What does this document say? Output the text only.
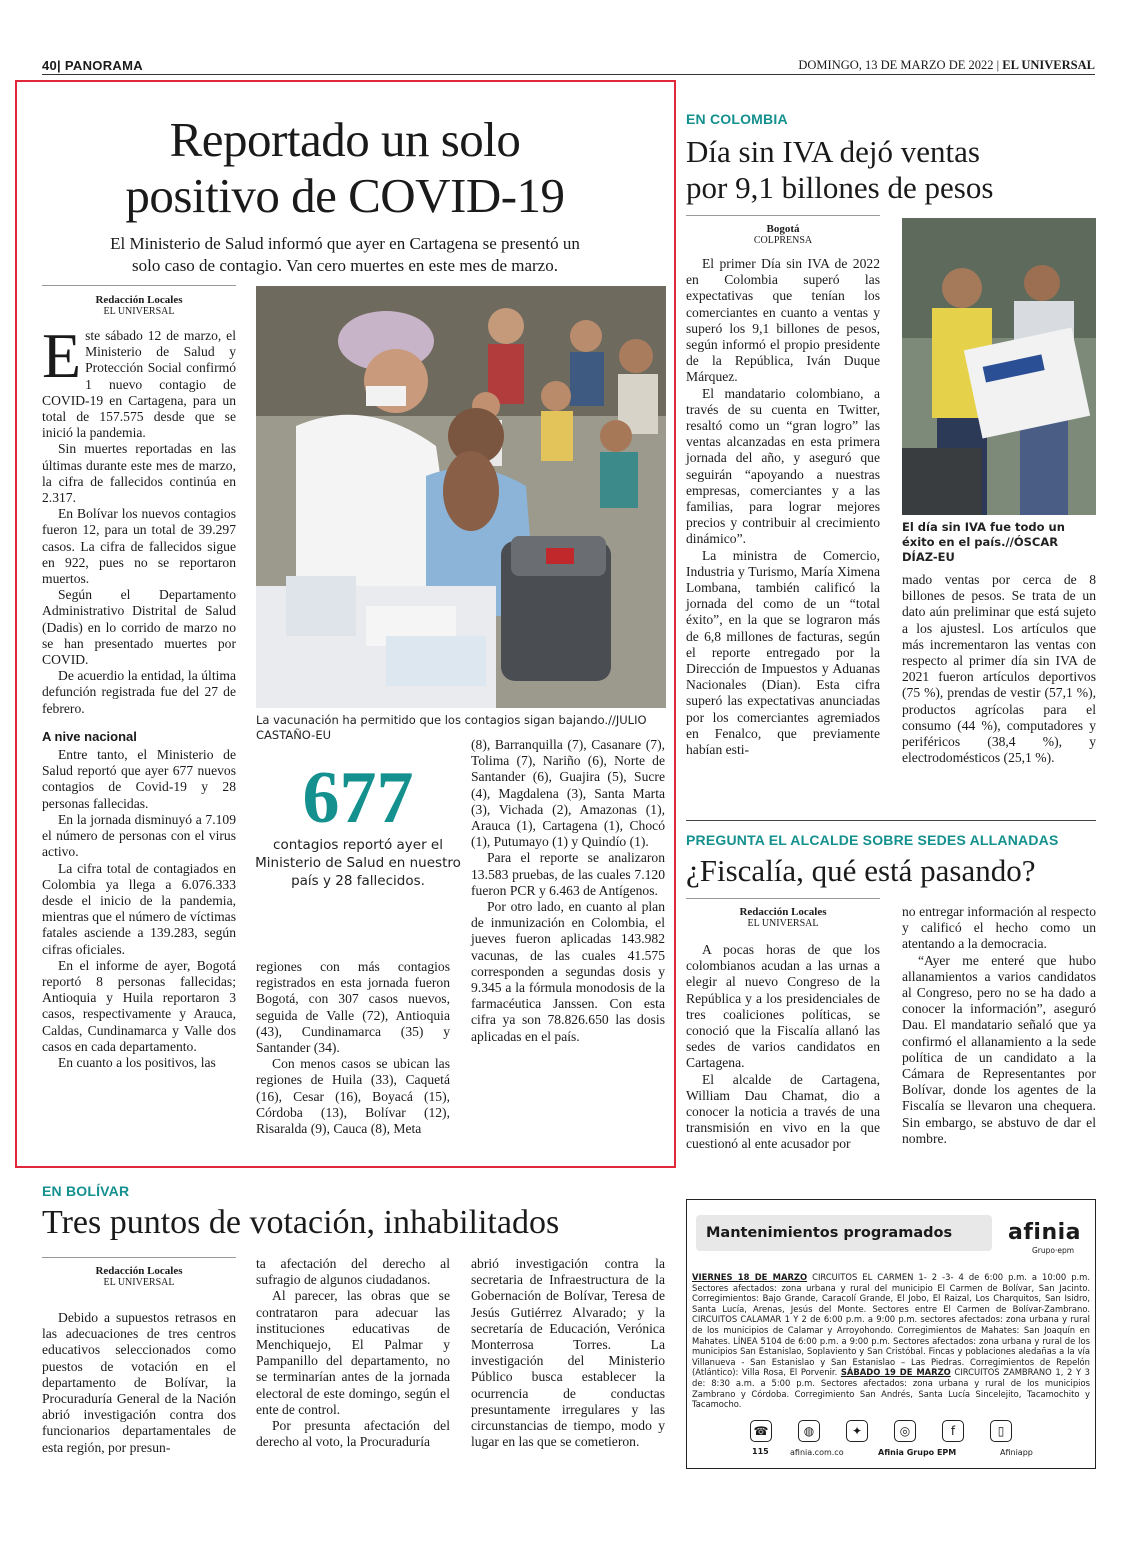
40| PANORAMA	DOMINGO, 13 DE MARZO DE 2022 | EL UNIVERSAL
Reportado un solo
positivo de COVID-19
El Ministerio de Salud informó que ayer en Cartagena se presentó un
solo caso de contagio. Van cero muertes en este mes de marzo.
Redacción Locales
EL UNIVERSAL

Este sábado 12 de marzo, el Ministerio de Salud y Protección Social confirmó 1 nuevo contagio de COVID-19 en Cartagena, para un total de 157.575 desde que se inició la pandemia.

Sin muertes reportadas en las últimas durante este mes de marzo, la cifra de fallecidos continúa en 2.317.

En Bolívar los nuevos contagios fueron 12, para un total de 39.297 casos. La cifra de fallecidos sigue en 922, pues no se reportaron muertos.

Según el Departamento Administrativo Distrital de Salud (Dadis) en lo corrido de marzo no se han presentado muertes por COVID.

De acuerdio la entidad, la última defunción registrada fue del 27 de febrero.

A nive nacional

Entre tanto, el Ministerio de Salud reportó que ayer 677 nuevos contagios de Covid-19 y 28 personas fallecidas.

En la jornada disminuyó a 7.109 el número de personas con el virus activo.

La cifra total de contagiados en Colombia ya llega a 6.076.333 desde el inicio de la pandemia, mientras que el número de víctimas fatales asciende a 139.283, según cifras oficiales.

En el informe de ayer, Bogotá reportó 8 personas fallecidas; Antioquia y Huila reportaron 3 casos, respectivamente y Arauca, Caldas, Cundinamarca y Valle dos casos en cada departamento.

En cuanto a los positivos, las

La vacunación ha permitido que los contagios sigan bajando.//JULIO CASTAÑO-EU
677
contagios reportó ayer el Ministerio de Salud en nuestro país y 28 fallecidos.

regiones con más contagios registrados en esta jornada fueron Bogotá, con 307 casos nuevos, seguida de Valle (72), Antioquia (43), Cundinamarca (35) y Santander (34).

Con menos casos se ubican las regiones de Huila (33), Caquetá (16), Cesar (16), Boyacá (15), Córdoba (13), Bolívar (12), Risaralda (9), Cauca (8), Meta

(8), Barranquilla (7), Casanare (7), Tolima (7), Nariño (6), Norte de Santander (6), Guajira (5), Sucre (4), Magdalena (3), Santa Marta (3), Vichada (2), Amazonas (1), Arauca (1), Cartagena (1), Chocó (1), Putumayo (1) y Quindío (1).

Para el reporte se analizaron 13.583 pruebas, de las cuales 7.120 fueron PCR y 6.463 de Antígenos.

Por otro lado, en cuanto al plan de inmunización en Colombia, el jueves fueron aplicadas 143.982 vacunas, de las cuales 41.575 corresponden a segundas dosis y 9.345 a la fórmula monodosis de la farmacéutica Janssen. Con esta cifra ya son 78.826.650 las dosis aplicadas en el país.

EN COLOMBIA
Día sin IVA dejó ventas
por 9,1 billones de pesos
Bogotá
COLPRENSA

El primer Día sin IVA de 2022 en Colombia superó las expectativas que tenían los comerciantes en cuanto a ventas y superó los 9,1 billones de pesos, según informó el propio presidente de la República, Iván Duque Márquez.

El mandatario colombiano, a través de su cuenta en Twitter, resaltó como un “gran logro” las ventas alcanzadas en esta primera jornada del año, y aseguró que seguirán “apoyando a nuestras empresas, comerciantes y a las familias, para lograr mejores precios y contribuir al crecimiento dinámico”.

La ministra de Comercio, Industria y Turismo, María Ximena Lombana, también calificó la jornada del como de un “total éxito”, en la que se lograron más de 6,8 millones de facturas, según el reporte entregado por la Dirección de Impuestos y Aduanas Nacionales (Dian). Esta cifra superó las expectativas anunciadas por los comerciantes agremiados en Fenalco, que previamente habían esti-

El día sin IVA fue todo un éxito en el país.//ÓSCAR DÍAZ-EU

mado ventas por cerca de 8 billones de pesos. Se trata de un dato aún preliminar que está sujeto a los ajustesl. Los artículos que más incrementaron las ventas con respecto al primer día sin IVA de 2021 fueron artículos deportivos (75 %), prendas de vestir (57,1 %), productos agrícolas para el consumo (44 %), computadores y periféricos (38,4 %), y electrodomésticos (25,1 %).

PREGUNTA EL ALCALDE SOBRE SEDES ALLANADAS
¿Fiscalía, qué está pasando?
Redacción Locales
EL UNIVERSAL

A pocas horas de que los colombianos acudan a las urnas a elegir al nuevo Congreso de la República y a los presidenciales de tres coaliciones políticas, se conoció que la Fiscalía allanó las sedes de varios candidatos en Cartagena.

El alcalde de Cartagena, William Dau Chamat, dio a conocer la noticia a través de una transmisión en vivo en la que cuestionó al ente acusador por

no entregar información al respecto y calificó el hecho como un atentando a la democracia.

“Ayer me enteré que hubo allanamientos a varios candidatos al Congreso, pero no se ha dado a conocer la información”, aseguró Dau. El mandatario señaló que ya confirmó el allanamiento a la sede política de un candidato a la Cámara de Representantes por Bolívar, donde los agentes de la Fiscalía se llevaron una chequera. Sin embargo, se abstuvo de dar el nombre.

EN BOLÍVAR
Tres puntos de votación, inhabilitados
Redacción Locales
EL UNIVERSAL

Debido a supuestos retrasos en las adecuaciones de tres centros educativos seleccionados como puestos de votación en el departamento de Bolívar, la Procuraduría General de la Nación abrió investigación contra dos funcionarios departamentales de esta región, por presun-

ta afectación del derecho al sufragio de algunos ciudadanos.

Al parecer, las obras que se contrataron para adecuar las instituciones educativas de Menchiquejo, El Palmar y Pampanillo del departamento, no se terminarían antes de la jornada electoral de este domingo, según el ente de control.

Por presunta afectación del derecho al voto, la Procuraduría

abrió investigación contra la secretaria de Infraestructura de la Gobernación de Bolívar, Teresa de Jesús Gutiérrez Alvarado; y la secretaría de Educación, Verónica Monterrosa Torres. La investigación del Ministerio Público busca establecer la ocurrencia de conductas presuntamente irregulares y las circunstancias de tiempo, modo y lugar en las que se cometieron.

Mantenimientos programados	afinia
Grupo·epm
VIERNES 18 DE MARZO CIRCUITOS EL CARMEN 1- 2 -3- 4 de 6:00 p.m. a 10:00 p.m. Sectores afectados: zona urbana y rural del municipio El Carmen de Bolívar, San Jacinto. Corregimientos: Bajo Grande, Caracolí Grande, El Jobo, El Raizal, Los Charquitos, San Isidro, Santa Lucía, Arenas, Jesús del Monte. Sectores entre El Carmen de Bolívar-Zambrano. CIRCUITOS CALAMAR 1 Y 2 de 6:00 p.m. a 9:00 p.m. sectores afectados: zona urbana y rural de los municipios de Calamar y Arroyohondo. Corregimientos de Mahates: San Joaquín en Mahates. LÍNEA 5104 de 6:00 p.m. a 9:00 p.m. Sectores afectados: zona urbana y rural de los municipios San Estanislao, Soplaviento y San Cristóbal. Fincas y poblaciones aledañas a la vía Villanueva - San Estanislao y San Estanislao – Las Piedras. Corregimientos de Repelón (Atlántico): Villa Rosa, El Porvenir. SÁBADO 19 DE MARZO CIRCUITOS ZAMBRANO 1, 2 Y 3 de: 8:30 a.m. a 5:00 p.m. Sectores afectados: zona urbana y rural de los municipios Zambrano y Córdoba. Corregimiento San Andrés, Santa Lucía Sincelejito, Tacamochito y Tacamocho.
☎	◍	✦	◎	f	▯
115	afinia.com.co	Afinia Grupo EPM	Afiniapp
